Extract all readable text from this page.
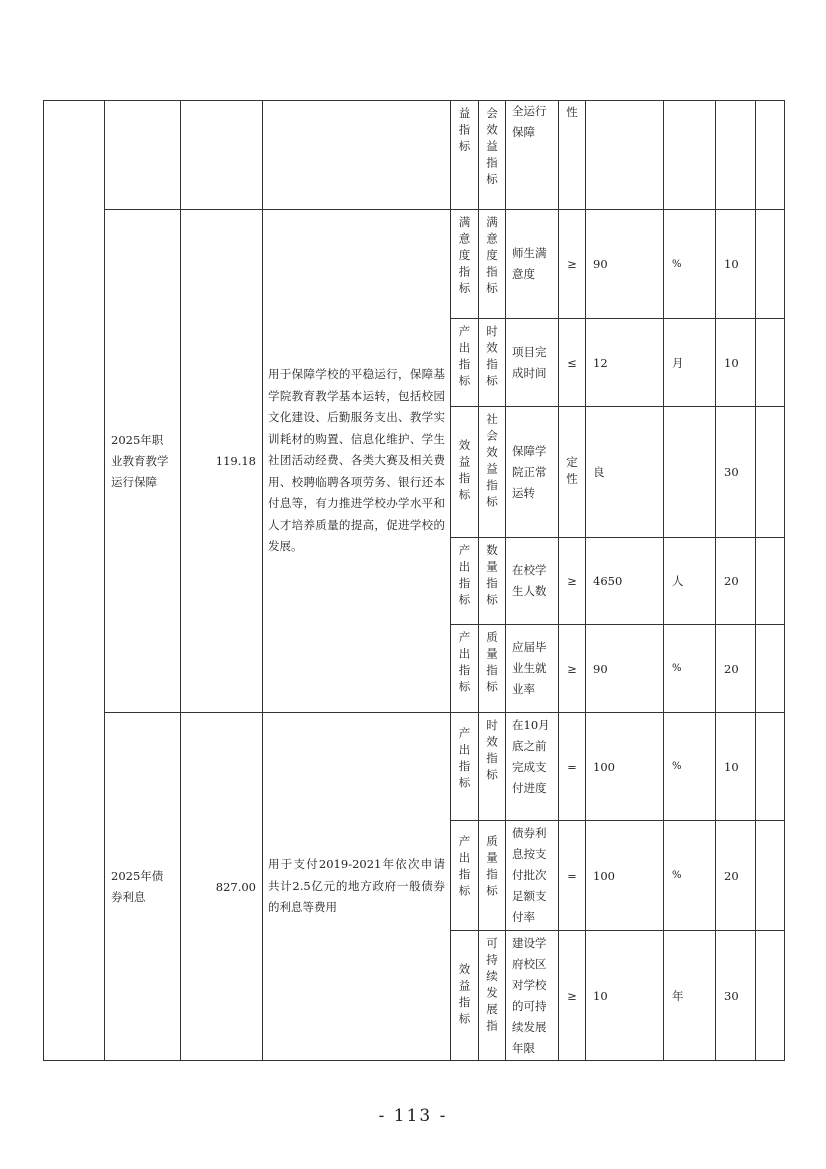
				益指标	会效益指标	全运行保障	性				
	2025年职业教育教学运行保障	119.18	用于保障学校的平稳运行，保障基学院教育教学基本运转，包括校园文化建设、后勤服务支出、教学实训耗材的购置、信息化维护、学生社团活动经费、各类大赛及相关费用、校聘临聘各项劳务、银行还本付息等，有力推进学校办学水平和人才培养质量的提高，促进学校的发展。	满意度指标	满意度指标	师生满意度	≥	90	%	10	

				产出指标	时效指标	项目完成时间	≤	12	月	10	

				效益指标	社会效益指标	保障学院正常运转	定性	良		30	

				产出指标	数量指标	在校学生人数	≥	4650	人	20	

				产出指标	质量指标	应届毕业生就业率	≥	90	%	20	
	2025年债券利息	827.00	用于支付2019-2021年依次申请共计2.5亿元的地方政府一般债券的利息等费用	产出指标	时效指标	在10月底之前完成支付进度	=	100	%	10	

				产出指标	质量指标	债券利息按支付批次足额支付率	=	100	%	20	

				效益指标	可持续发展指	建设学府校区对学校的可持续发展年限	≥	10	年	30	
- 113 -
